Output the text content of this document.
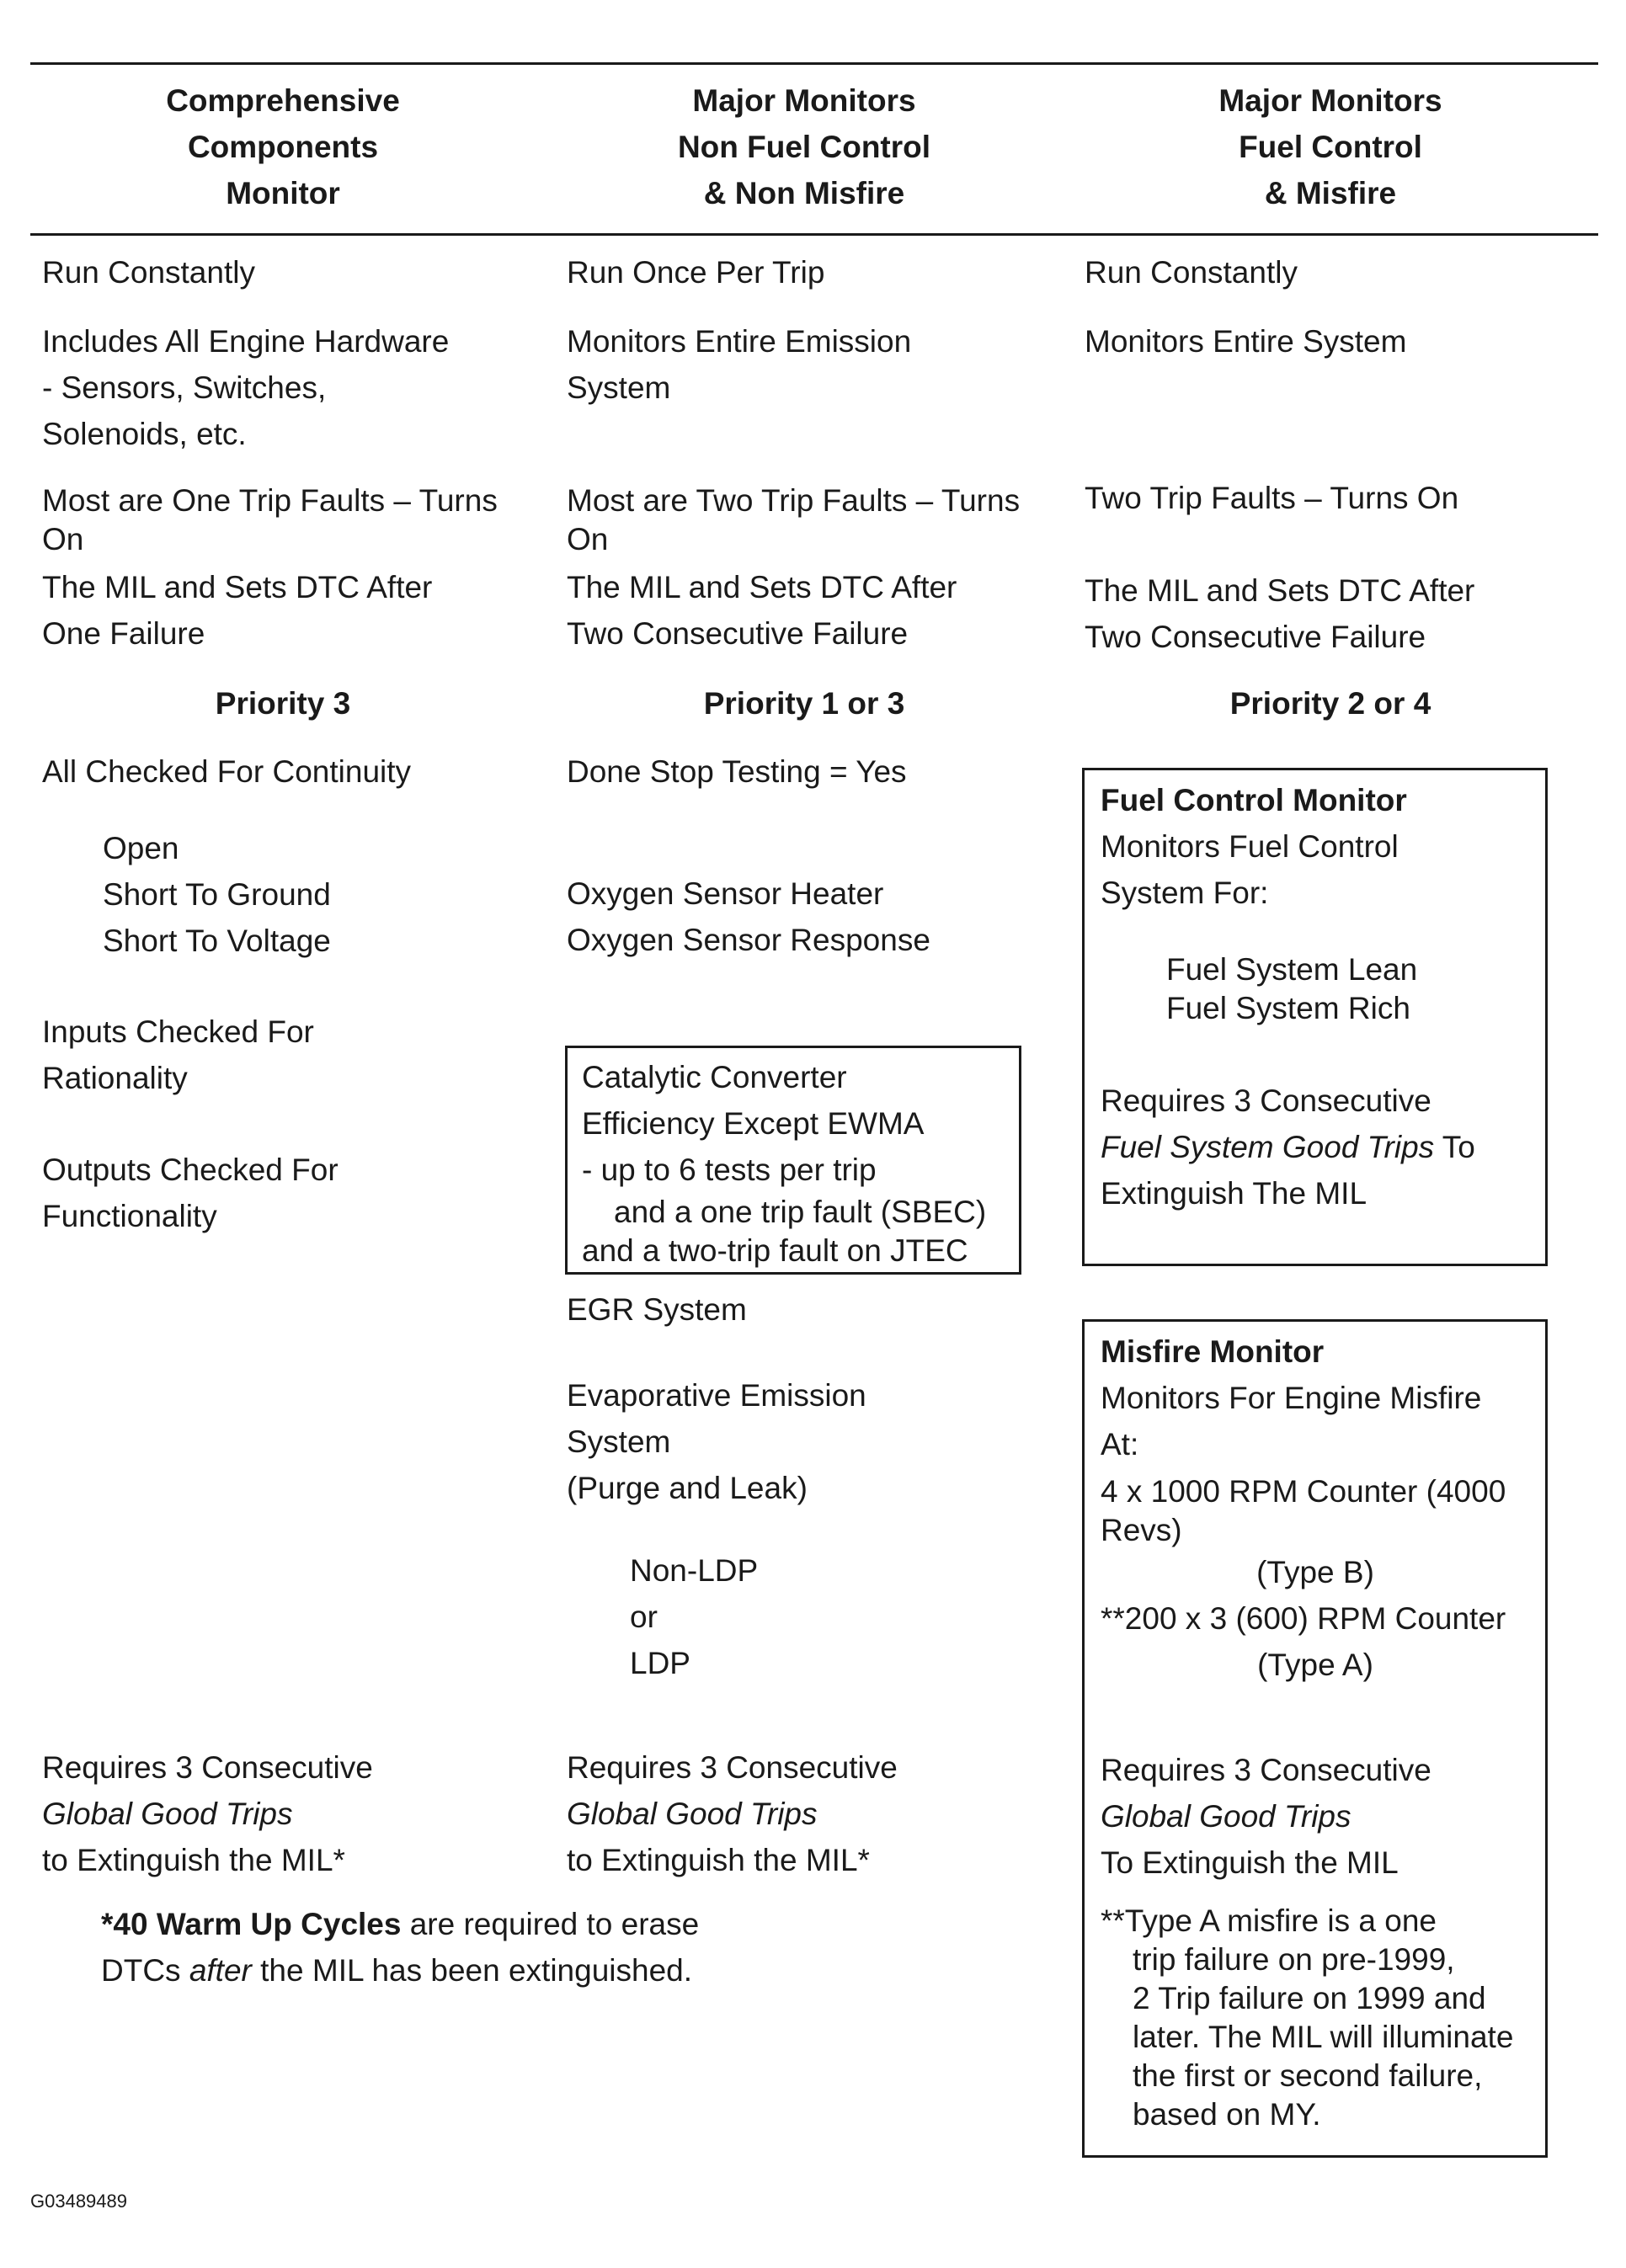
Comprehensive
Components
Monitor
Major Monitors
Non Fuel Control
& Non Misfire
Major Monitors
Fuel Control
& Misfire
Run Constantly
Includes All Engine Hardware
- Sensors, Switches,
Solenoids, etc.
Most are One Trip Faults – Turns
On
The MIL and Sets DTC After
One Failure
Priority 3
All Checked For Continuity
Open
Short To Ground
Short To Voltage
Inputs Checked For
Rationality
Outputs Checked For
Functionality
Requires 3 Consecutive
Global Good Trips
to Extinguish the MIL*
Run Once Per Trip
Monitors Entire Emission
System
Most are Two Trip Faults – Turns
On
The MIL and Sets DTC After
Two Consecutive Failure
Priority 1 or 3
Done Stop Testing = Yes
Oxygen Sensor Heater
Oxygen Sensor Response
Catalytic Converter
Efficiency Except EWMA
- up to 6 tests per trip
and a one trip fault (SBEC)
and a two-trip fault on JTEC
EGR System
Evaporative Emission
System
(Purge and Leak)
Non-LDP
or
LDP
Requires 3 Consecutive
Global Good Trips
to Extinguish the MIL*
Run Constantly
Monitors Entire System
Two Trip Faults – Turns On
The MIL and Sets DTC After
Two Consecutive Failure
Priority 2 or 4
Fuel Control Monitor
Monitors Fuel Control
System For:
Fuel System Lean
Fuel System Rich
Requires 3 Consecutive
Fuel System Good Trips To
Extinguish The MIL
Misfire Monitor
Monitors For Engine Misfire
At:
4 x 1000 RPM Counter (4000
Revs)
(Type B)
**200 x 3 (600) RPM Counter
(Type A)
Requires 3 Consecutive
Global Good Trips
To Extinguish the MIL
**Type A misfire is a one
trip failure on pre-1999,
2 Trip failure on 1999 and
later. The MIL will illuminate
the first or second failure,
based on MY.
*40 Warm Up Cycles are required to erase
DTCs after the MIL has been extinguished.
G03489489
